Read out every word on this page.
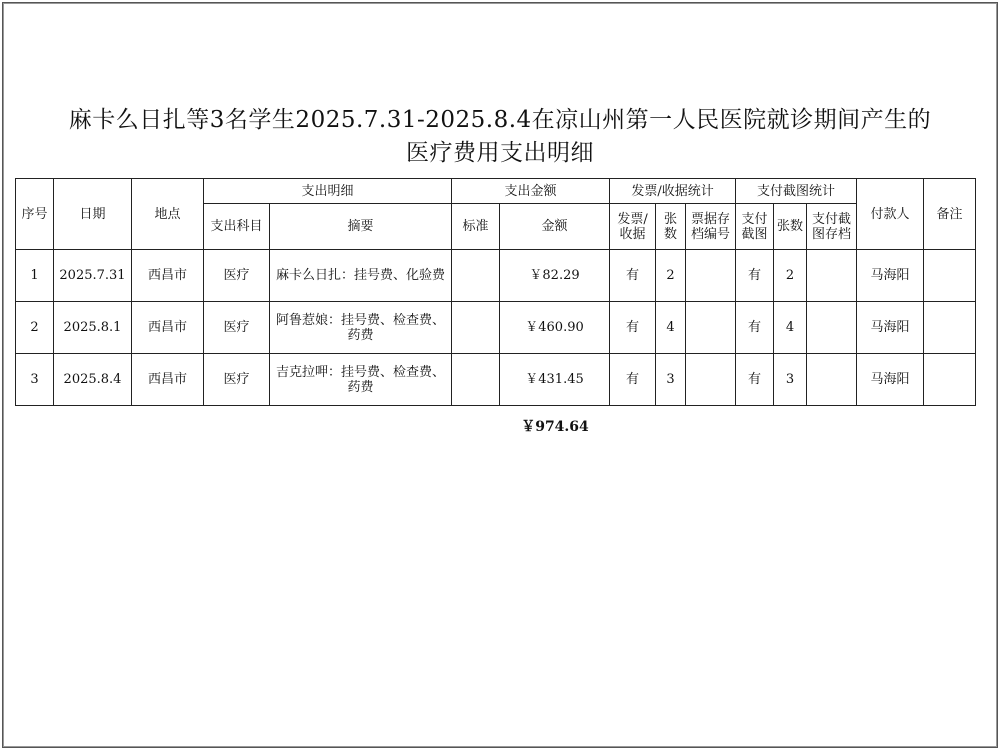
麻卡么日扎等3名学生2025.7.31-2025.8.4在凉山州第一人民医院就诊期间产生的
医疗费用支出明细
序号	日期	地点	支出明细		支出金额		发票/收据统计			支付截图统计			付款人	备注
			支出科目	摘要	标准	金额	发票/收据	张数	票据存档编号	支付截图	张数	支付截图存档		
1	2025.7.31	西昌市	医疗	麻卡么日扎：挂号费、化验费		￥82.29	有	2		有	2		马海阳	
2	2025.8.1	西昌市	医疗	阿鲁惹娘：挂号费、检查费、药费		￥460.90	有	4		有	4		马海阳	
3	2025.8.4	西昌市	医疗	吉克拉呷：挂号费、检查费、药费		￥431.45	有	3		有	3		马海阳	
￥974.64
